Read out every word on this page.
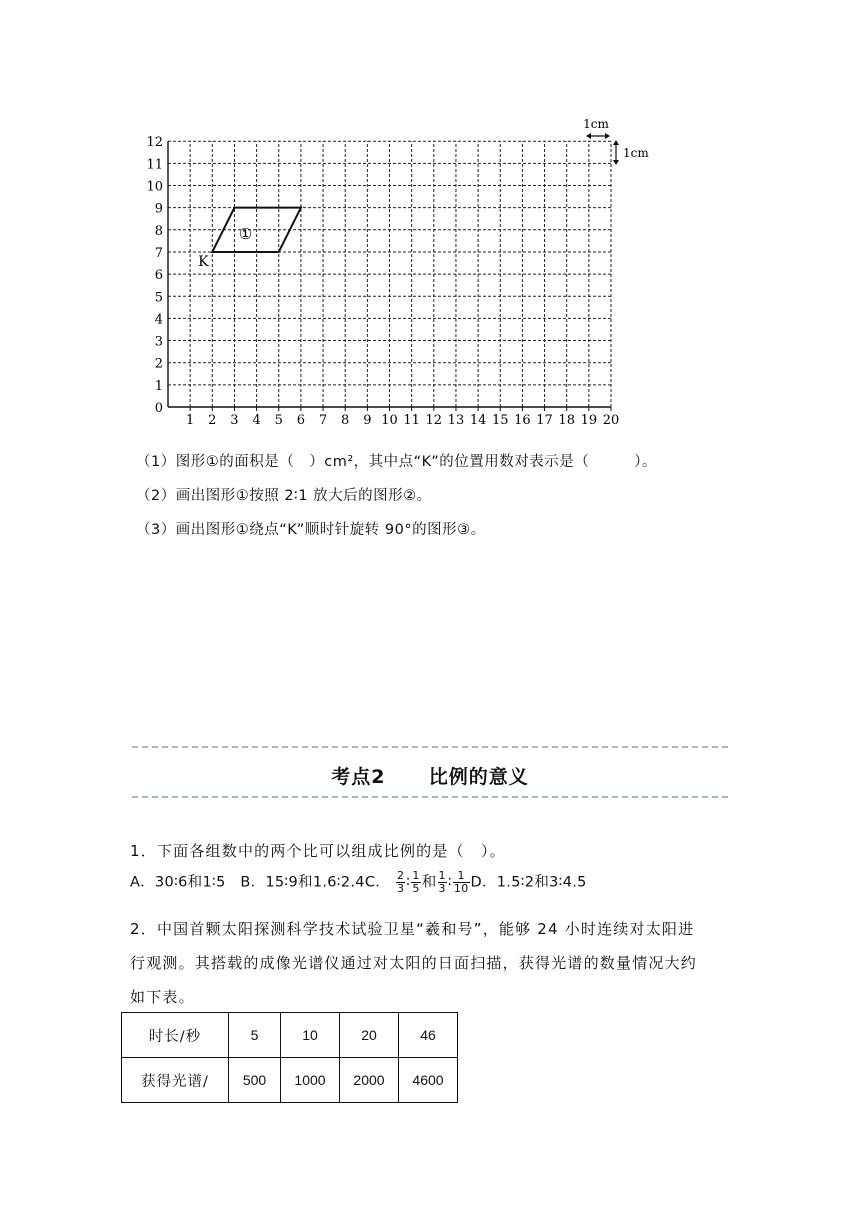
1 2 3 4 5 6 7 8 9 10 11 12 13 14 15 16 17 18 19 20
0
1
2
3
4
5
6
7
8
9
10
11
12
①
K
1cm
1cm
（1）图形①的面积是（　）cm²，其中点“K”的位置用数对表示是（　　　）。
（2）画出图形①按照 2∶1 放大后的图形②。
（3）画出图形①绕点“K”顺时针旋转 90°的图形③。
考点2 比例的意义
1．下面各组数中的两个比可以组成比例的是（　）。
A．30∶6和1∶5 B．15∶9和1.6∶2.4C． $\frac{2}{3}$ ∶ $\frac{1}{5}$ 和 $\frac{1}{3}$ ∶ $\frac{1}{10}$ D．1.5∶2和3∶4.5
2．中国首颗太阳探测科学技术试验卫星“羲和号”，能够 24 小时连续对太阳进
行观测。其搭载的成像光谱仪通过对太阳的日面扫描，获得光谱的数量情况大约
如下表。
时长/秒	5	10	20	46
获得光谱/	500	1000	2000	4600
